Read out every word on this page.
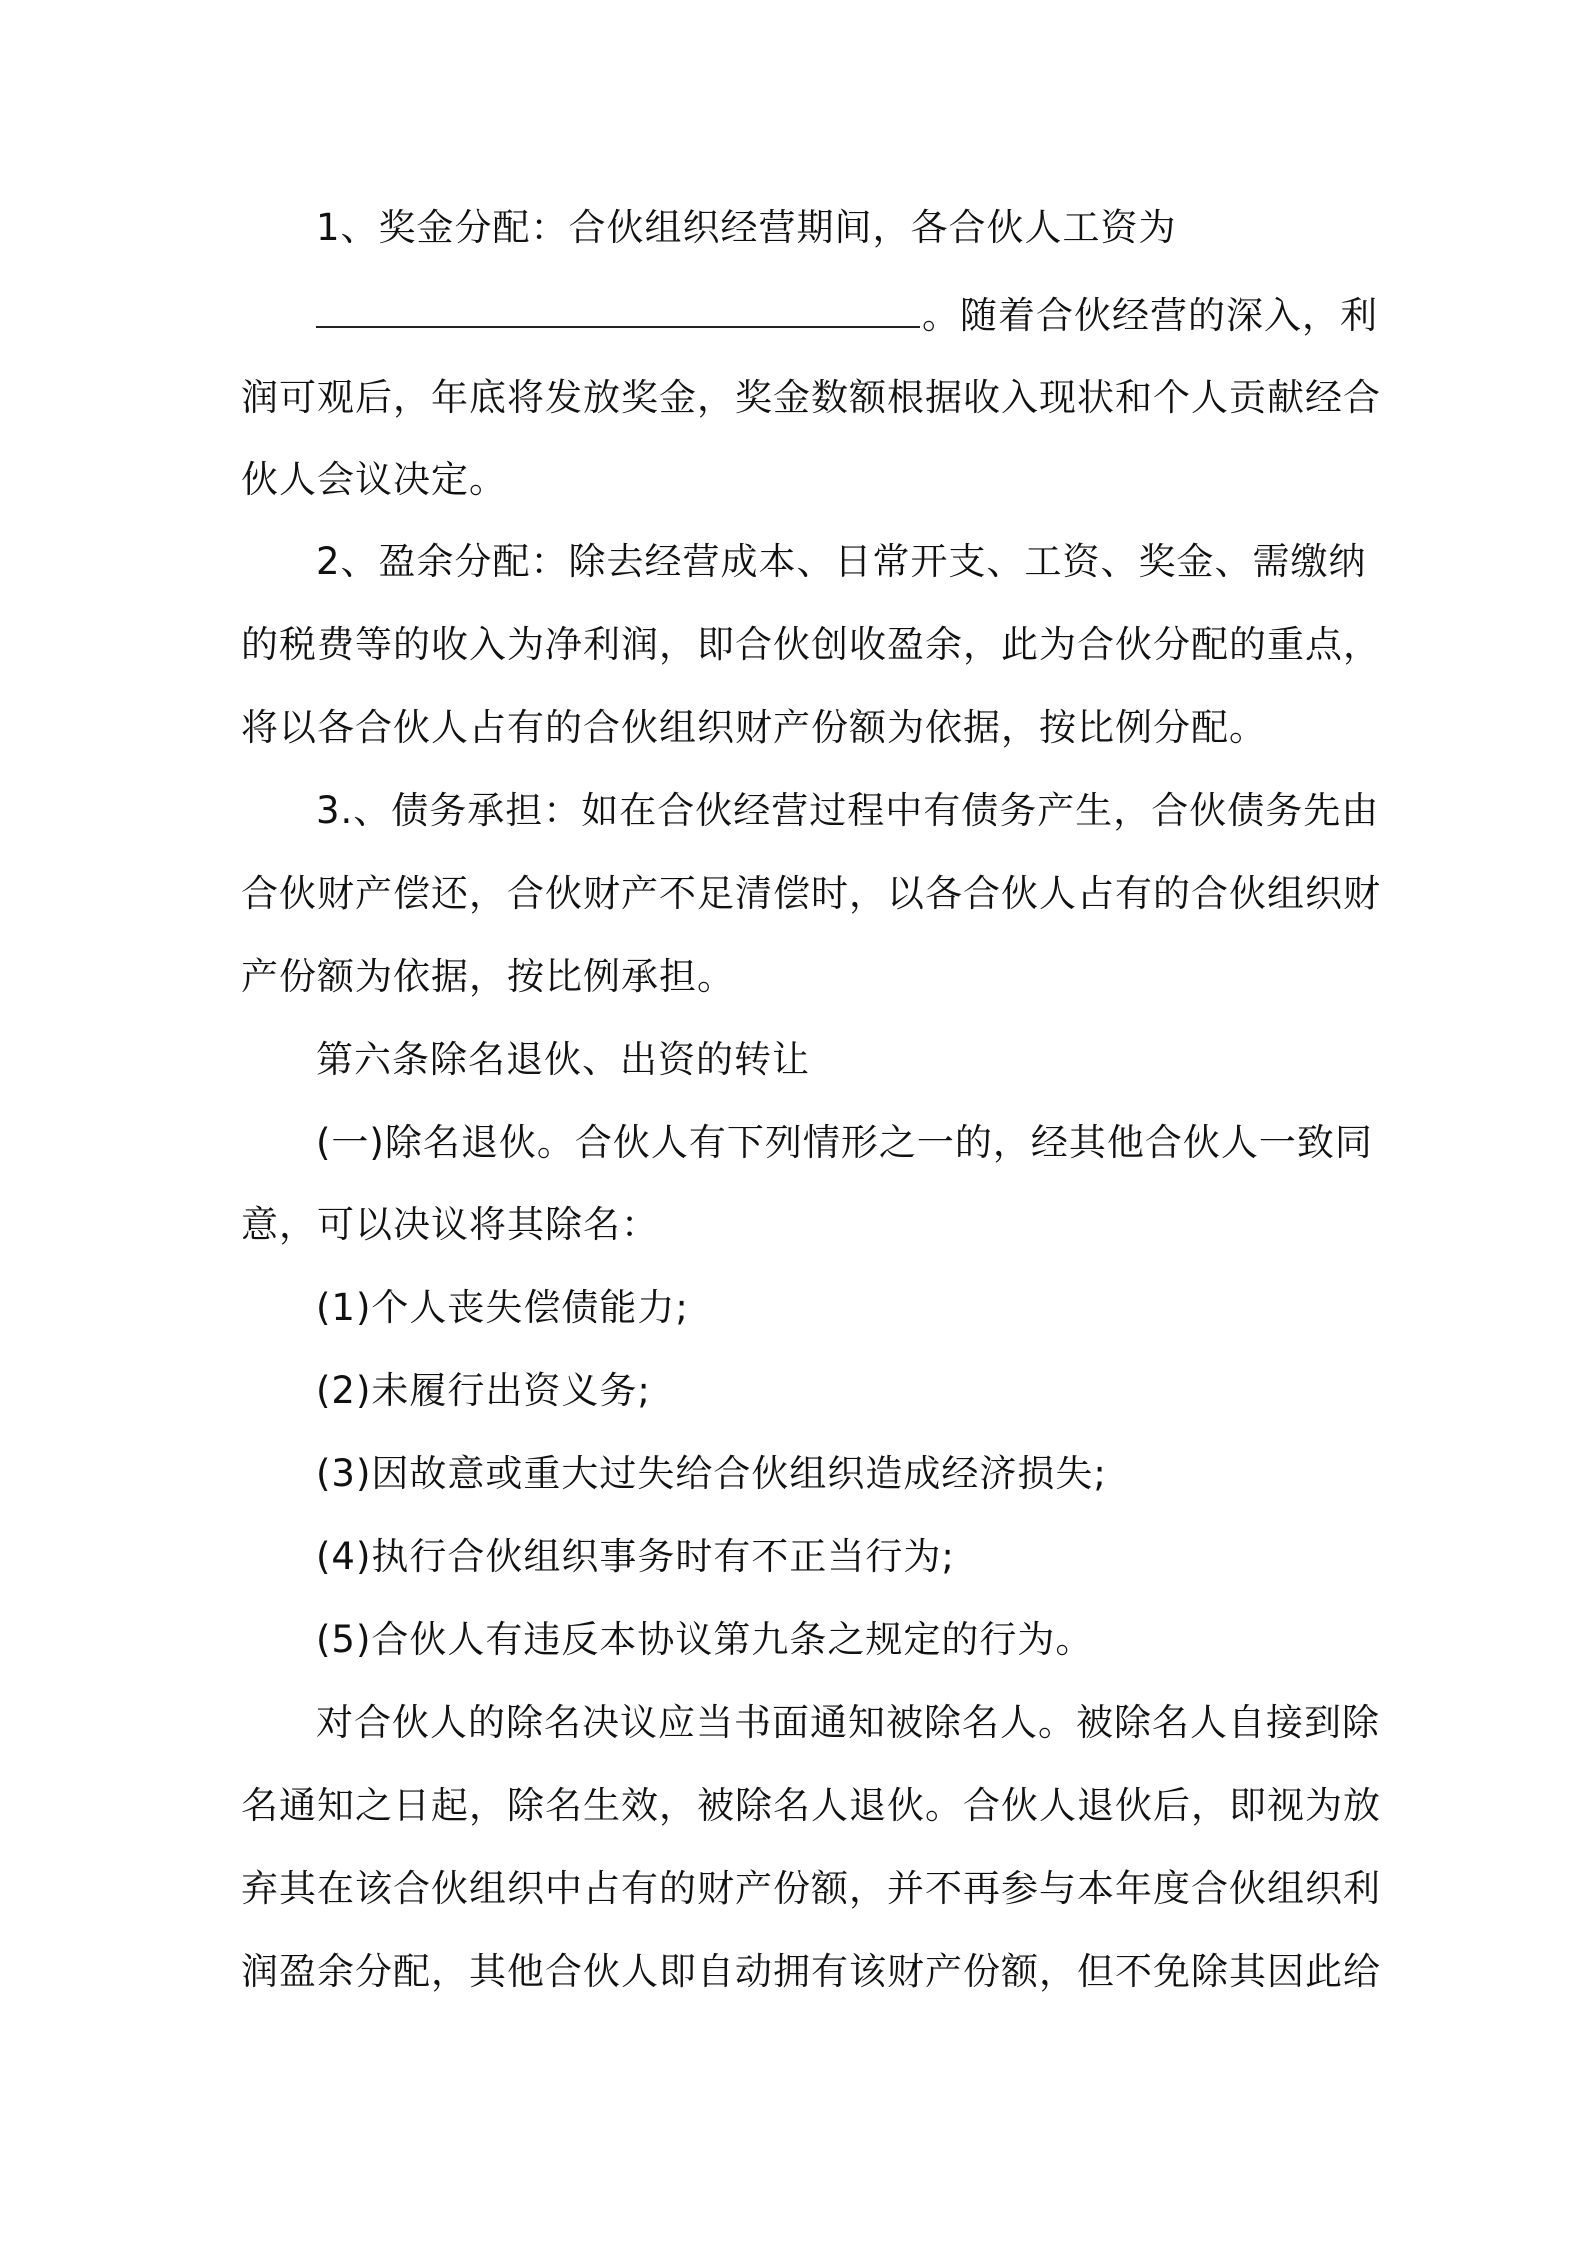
1、奖金分配：合伙组织经营期间，各合伙人工资为
。随着合伙经营的深入，利
润可观后，年底将发放奖金，奖金数额根据收入现状和个人贡献经合
伙人会议决定。
2、盈余分配：除去经营成本、日常开支、工资、奖金、需缴纳
的税费等的收入为净利润，即合伙创收盈余，此为合伙分配的重点，
将以各合伙人占有的合伙组织财产份额为依据，按比例分配。
3.、债务承担：如在合伙经营过程中有债务产生，合伙债务先由
合伙财产偿还，合伙财产不足清偿时，以各合伙人占有的合伙组织财
产份额为依据，按比例承担。
第六条除名退伙、出资的转让
(一)除名退伙。合伙人有下列情形之一的，经其他合伙人一致同
意，可以决议将其除名：
(1)个人丧失偿债能力;
(2)未履行出资义务;
(3)因故意或重大过失给合伙组织造成经济损失;
(4)执行合伙组织事务时有不正当行为;
(5)合伙人有违反本协议第九条之规定的行为。
对合伙人的除名决议应当书面通知被除名人。被除名人自接到除
名通知之日起，除名生效，被除名人退伙。合伙人退伙后，即视为放
弃其在该合伙组织中占有的财产份额，并不再参与本年度合伙组织利
润盈余分配，其他合伙人即自动拥有该财产份额，但不免除其因此给
